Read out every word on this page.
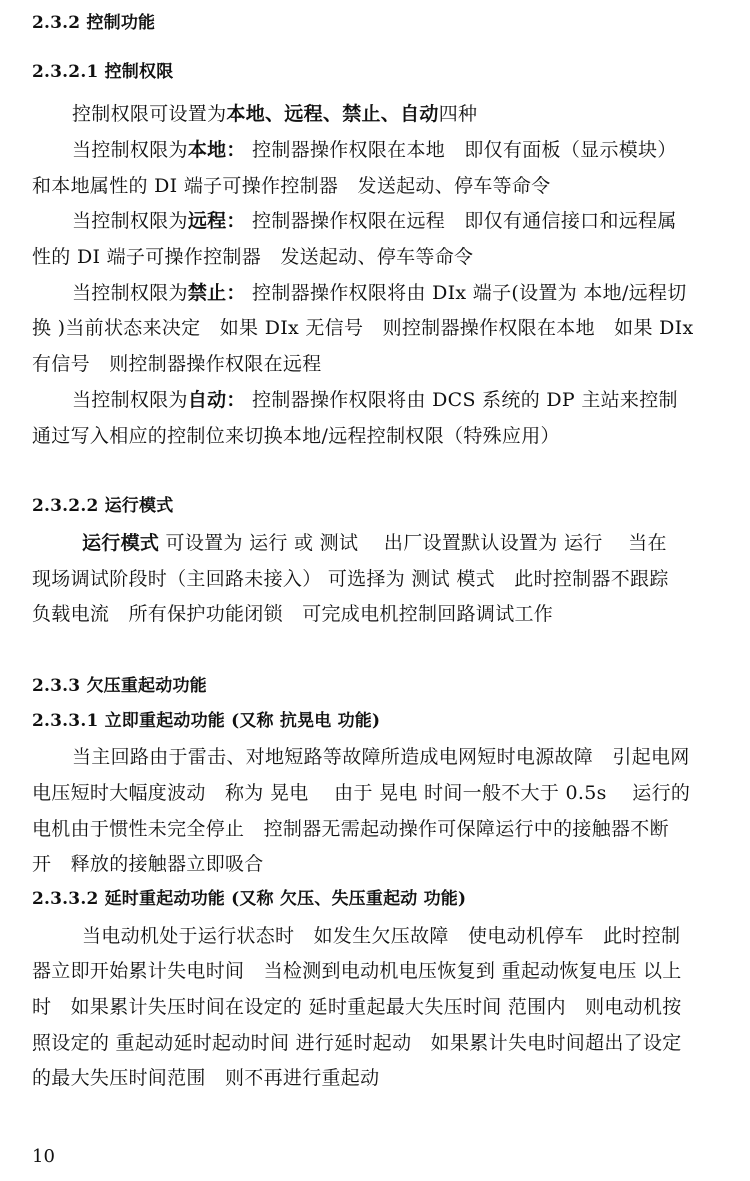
2.3.2 控制功能
2.3.2.1 控制权限
控制权限可设置为本地、远程、禁止、自动四种
当控制权限为本地： 控制器操作权限在本地　即仅有面板（显示模块）
和本地属性的 DI 端子可操作控制器　发送起动、停车等命令
当控制权限为远程： 控制器操作权限在远程　即仅有通信接口和远程属
性的 DI 端子可操作控制器　发送起动、停车等命令
当控制权限为禁止： 控制器操作权限将由 DIx 端子(设置为 本地/远程切
换 )当前状态来决定　如果 DIx 无信号　则控制器操作权限在本地　如果 DIx
有信号　则控制器操作权限在远程
当控制权限为自动： 控制器操作权限将由 DCS 系统的 DP 主站来控制
通过写入相应的控制位来切换本地/远程控制权限（特殊应用）
2.3.2.2 运行模式
运行模式 可设置为 运行 或 测试　 出厂设置默认设置为 运行　 当在
现场调试阶段时（主回路未接入） 可选择为 测试 模式　此时控制器不跟踪
负载电流　所有保护功能闭锁　可完成电机控制回路调试工作
2.3.3 欠压重起动功能
2.3.3.1 立即重起动功能 (又称 抗晃电 功能)
当主回路由于雷击、对地短路等故障所造成电网短时电源故障　引起电网
电压短时大幅度波动　称为 晃电　 由于 晃电 时间一般不大于 0.5s　 运行的
电机由于惯性未完全停止　控制器无需起动操作可保障运行中的接触器不断
开　释放的接触器立即吸合
2.3.3.2 延时重起动功能 (又称 欠压、失压重起动 功能)
当电动机处于运行状态时　如发生欠压故障　使电动机停车　此时控制
器立即开始累计失电时间　当检测到电动机电压恢复到 重起动恢复电压 以上
时　如果累计失压时间在设定的 延时重起最大失压时间 范围内　则电动机按
照设定的 重起动延时起动时间 进行延时起动　如果累计失电时间超出了设定
的最大失压时间范围　则不再进行重起动
10
